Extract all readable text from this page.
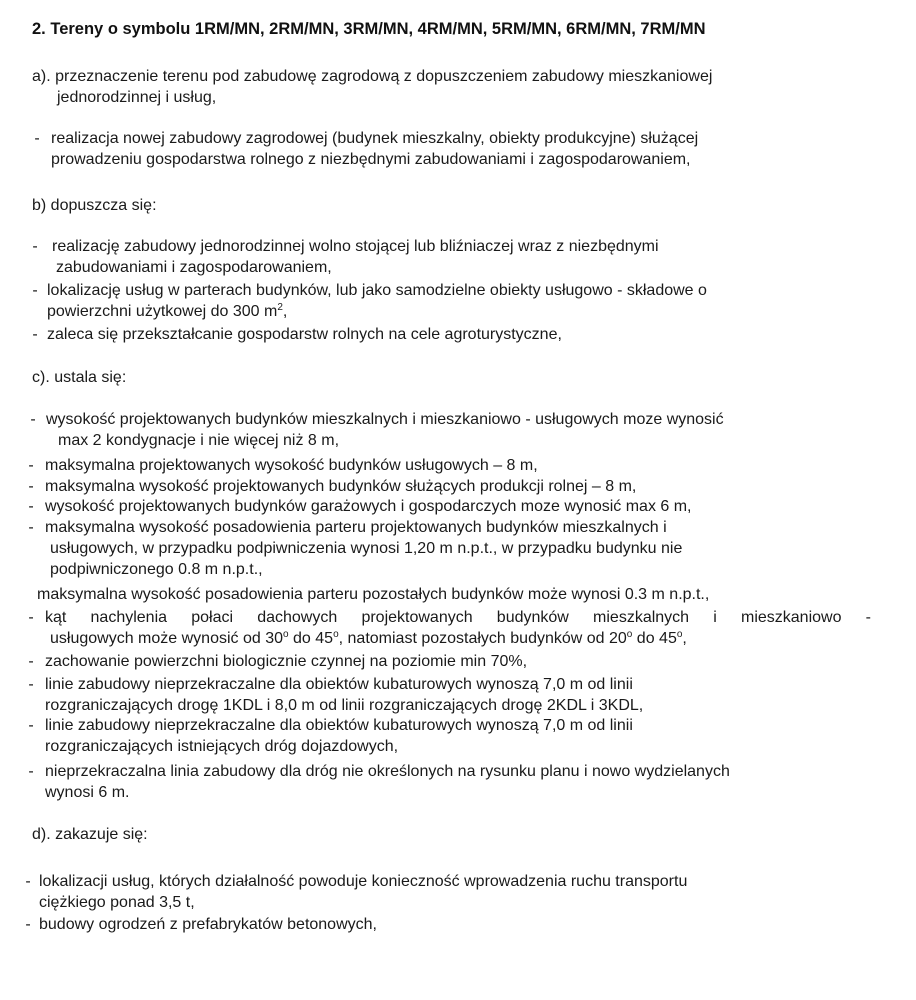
2. Tereny o symbolu 1RM/MN, 2RM/MN, 3RM/MN, 4RM/MN, 5RM/MN, 6RM/MN, 7RM/MN
a). przeznaczenie terenu pod zabudowę zagrodową z dopuszczeniem zabudowy mieszkaniowej
jednorodzinnej i usług,
- realizacja nowej zabudowy zagrodowej (budynek mieszkalny, obiekty produkcyjne) służącej
prowadzeniu gospodarstwa rolnego z niezbędnymi zabudowaniami i zagospodarowaniem,
b) dopuszcza się:
- realizację zabudowy jednorodzinnej wolno stojącej lub bliźniaczej wraz z niezbędnymi
zabudowaniami i zagospodarowaniem,
- lokalizację usług w parterach budynków, lub jako samodzielne obiekty usługowo - składowe o
powierzchni użytkowej do 300 $m^2$,
- zaleca się przekształcanie gospodarstw rolnych na cele agroturystyczne,
c). ustala się:
- wysokość projektowanych budynków mieszkalnych i mieszkaniowo - usługowych moze wynosić
max 2 kondygnacje i nie więcej niż 8 m,
- maksymalna projektowanych wysokość budynków usługowych – 8 m,
- maksymalna wysokość projektowanych budynków służących produkcji rolnej – 8 m,
- wysokość projektowanych budynków garażowych i gospodarczych moze wynosić max 6 m,
- maksymalna wysokość posadowienia parteru projektowanych budynków mieszkalnych i
usługowych, w przypadku podpiwniczenia wynosi 1,20 m n.p.t., w przypadku budynku nie
podpiwniczonego 0.8 m n.p.t.,
maksymalna wysokość posadowienia parteru pozostałych budynków może wynosi 0.3 m n.p.t.,
- kąt nachylenia połaci dachowych projektowanych budynków mieszkalnych i mieszkaniowo -
usługowych może wynosić od 30$^o$ do 45$^o$, natomiast pozostałych budynków od 20$^o$ do 45$^o$,
- zachowanie powierzchni biologicznie czynnej na poziomie min 70%,
- linie zabudowy nieprzekraczalne dla obiektów kubaturowych wynoszą 7,0 m od linii
rozgraniczających drogę 1KDL i 8,0 m od linii rozgraniczających drogę 2KDL i 3KDL,
- linie zabudowy nieprzekraczalne dla obiektów kubaturowych wynoszą 7,0 m od linii
rozgraniczających istniejących dróg dojazdowych,
- nieprzekraczalna linia zabudowy dla dróg nie określonych na rysunku planu i nowo wydzielanych
wynosi 6 m.
d). zakazuje się:
- lokalizacji usług, których działalność powoduje konieczność wprowadzenia ruchu transportu
ciężkiego ponad 3,5 t,
- budowy ogrodzeń z prefabrykatów betonowych,
